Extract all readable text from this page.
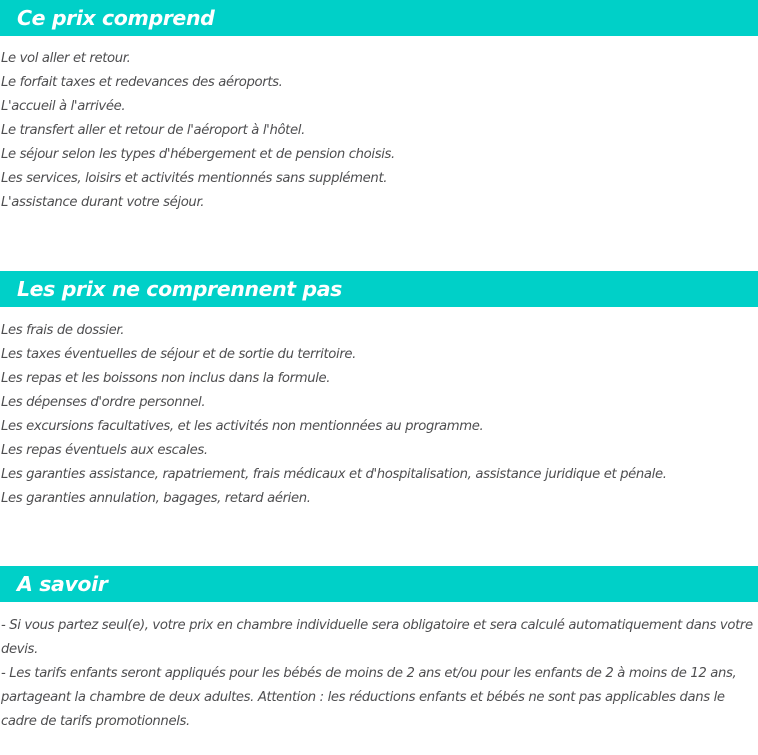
Ce prix comprend
Le vol aller et retour.
Le forfait taxes et redevances des aéroports.
L'accueil à l'arrivée.
Le transfert aller et retour de l'aéroport à l'hôtel.
Le séjour selon les types d'hébergement et de pension choisis.
Les services, loisirs et activités mentionnés sans supplément.
L'assistance durant votre séjour.
Les prix ne comprennent pas
Les frais de dossier.
Les taxes éventuelles de séjour et de sortie du territoire.
Les repas et les boissons non inclus dans la formule.
Les dépenses d'ordre personnel.
Les excursions facultatives, et les activités non mentionnées au programme.
Les repas éventuels aux escales.
Les garanties assistance, rapatriement, frais médicaux et d'hospitalisation, assistance juridique et pénale.
Les garanties annulation, bagages, retard aérien.
A savoir
- Si vous partez seul(e), votre prix en chambre individuelle sera obligatoire et sera calculé automatiquement dans votre devis.
- Les tarifs enfants seront appliqués pour les bébés de moins de 2 ans et/ou pour les enfants de 2 à moins de 12 ans, partageant la chambre de deux adultes. Attention : les réductions enfants et bébés ne sont pas applicables dans le cadre de tarifs promotionnels.
